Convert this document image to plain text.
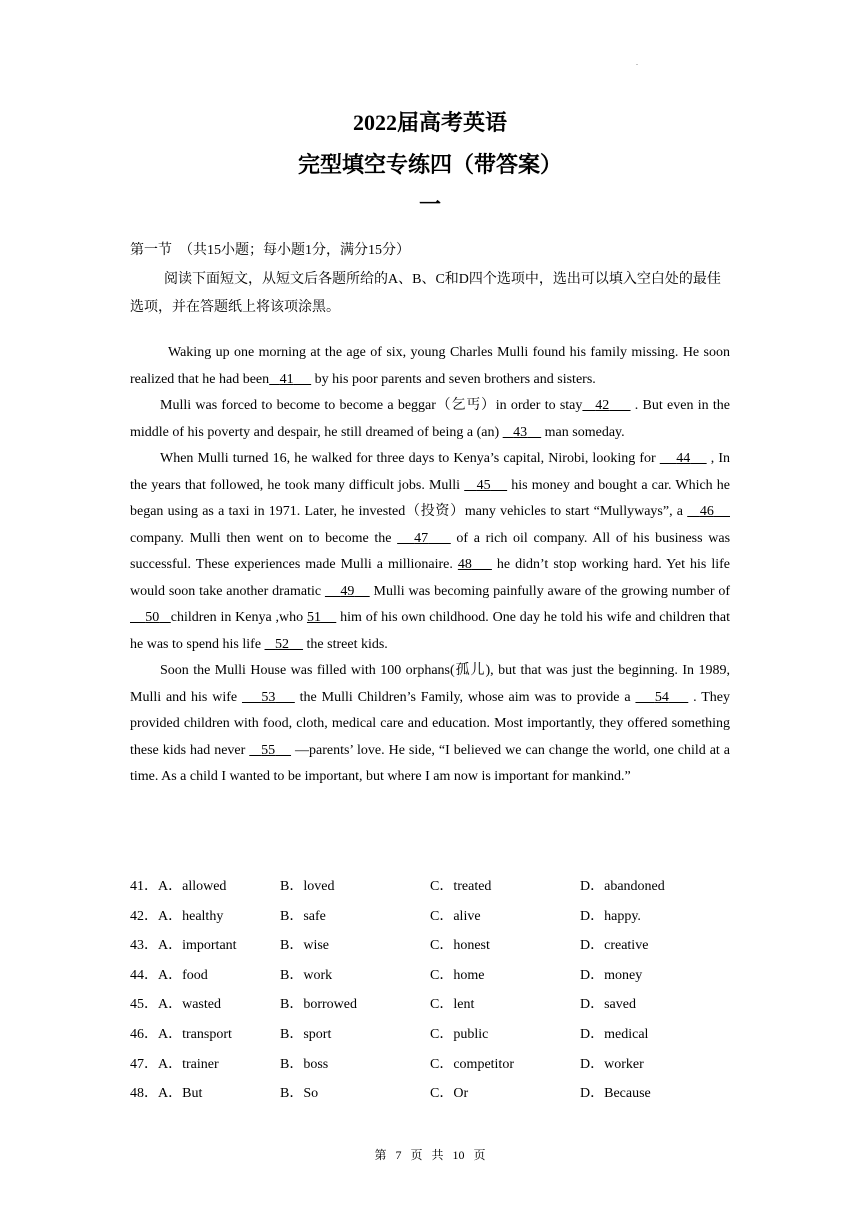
.
2022届高考英语
完型填空专练四（带答案）
一
第一节　（共15小题；每小题1分，满分15分）
阅读下面短文，从短文后各题所给的A、B、C和D四个选项中，选出可以填入空白处的最佳选项，并在答题纸上将该项涂黑。

Waking up one morning at the age of six, young Charles Mulli found his family missing. He soon realized that he had been 41      by his poor parents and seven brothers and sisters.

Mulli was forced to become to become a beggar（乞丐）in order to stay 42      . But even in the middle of his poverty and despair, he still dreamed of being a (an)    43     man someday.

When Mulli turned 16, he walked for three days to Kenya’s capital, Nirobi, looking for     44     , In the years that followed, he took many difficult jobs. Mulli    45     his money and bought a car. Which he began using as a taxi in 1971. Later, he invested（投资）many vehicles to start “Mullyways”, a    46     company. Mulli then went on to become the    47     of a rich oil company. All of his business was successful. These experiences made Mulli a millionaire. 48     he didn’t stop working hard. Yet his life would soon take another dramatic     49     Mulli was becoming painfully aware of the growing number of     50 children in Kenya ,who 51     him of his own childhood. One day he told his wife and children that he was to spend his life    52     the street kids.

Soon the Mulli House was filled with 100 orphans(孤儿), but that was just the beginning. In 1989, Mulli and his wife     53     the Mulli Children’s Family, whose aim was to provide a     54     . They provided children with food, cloth, medical care and education. Most importantly, they offered something these kids had never    55     —parents’ love. He side, “I believed we can change the world, one child at a time. As a child I wanted to be important, but where I am now is important for mankind.”

41．A．allowed	B．loved	C．treated	D．abandoned
42．A．healthy	B．safe	C．alive	D．happy.
43．A．important	B．wise	C．honest	D．creative
44．A．food	B．work	C．home	D．money
45．A．wasted	B．borrowed	C．lent	D．saved
46．A．transport	B．sport	C．public	D．medical
47．A．trainer	B．boss	C．competitor	D．worker
48．A．But	B．So	C．Or	D．Because
第 7 页 共 10 页
